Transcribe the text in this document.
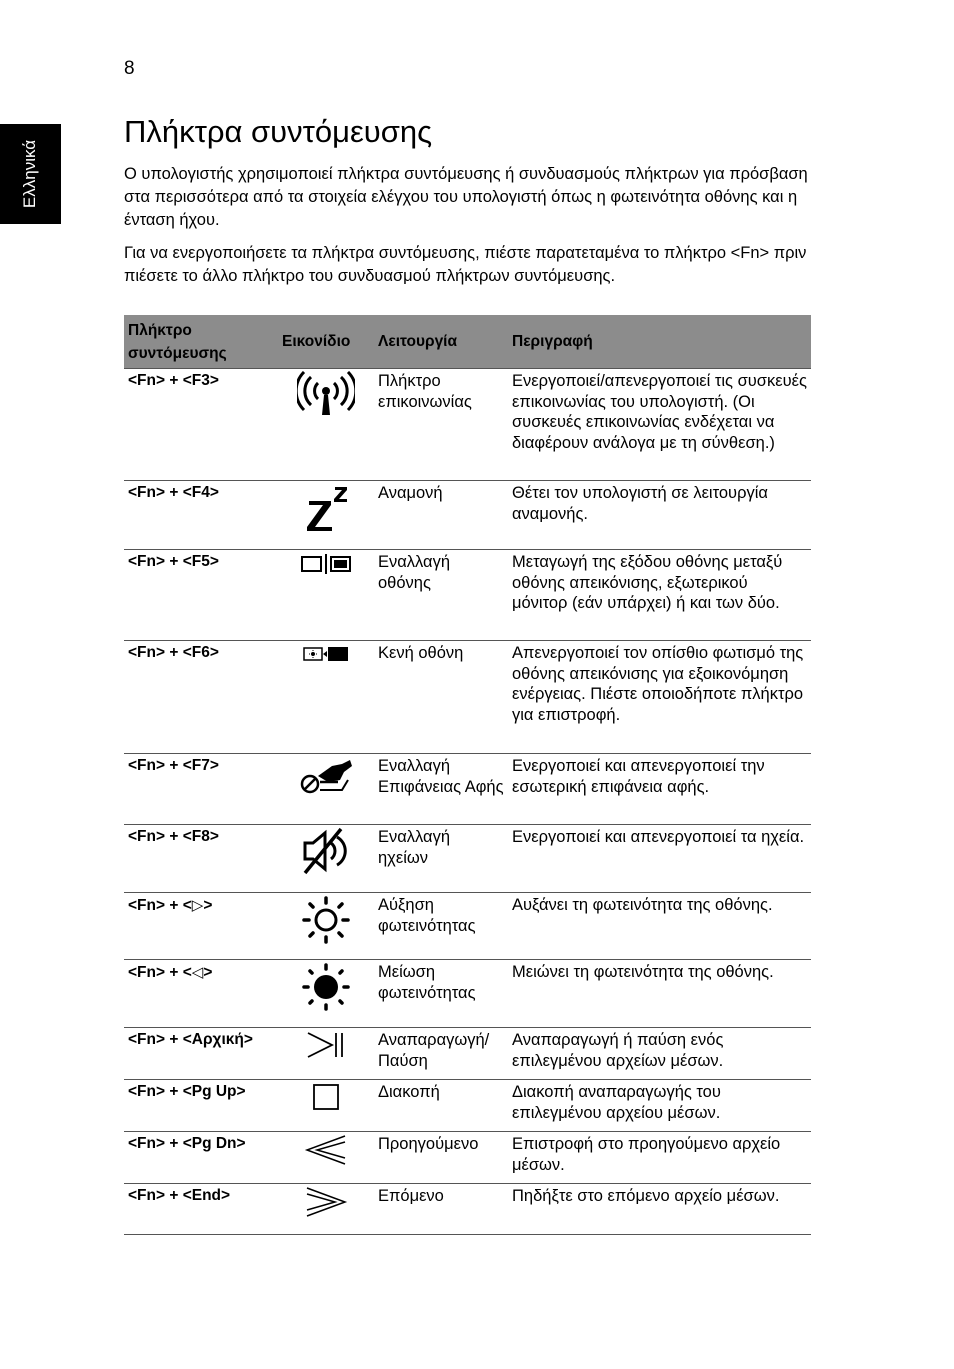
8
Ελληνικά
Πλήκτρα συντόμευσης

Ο υπολογιστής χρησιμοποιεί πλήκτρα συντόμευσης ή συνδυασμούς πλήκτρων για πρόσβαση στα περισσότερα από τα στοιχεία ελέγχου του υπολογιστή όπως η φωτεινότητα οθόνης και η ένταση ήχου.

Για να ενεργοποιήσετε τα πλήκτρα συντόμευσης, πιέστε παρατεταμένα το πλήκτρο <Fn> πριν πιέσετε το άλλο πλήκτρο του συνδυασμού πλήκτρων συντόμευσης.

Πλήκτρο συντόμευσης	Εικονίδιο	Λειτουργία	Περιγραφή
<Fn> + <F3>		Πλήκτρο επικοινωνίας	Ενεργοποιεί/απενεργοποιεί τις συσκευές επικοινωνίας του υπολογιστή. (Οι συσκευές επικοινωνίας ενδέχεται να διαφέρουν ανάλογα με τη σύνθεση.)
<Fn> + <F4>		Αναμονή	Θέτει τον υπολογιστή σε λειτουργία αναμονής.
<Fn> + <F5>		Εναλλαγή οθόνης	Μεταγωγή της εξόδου οθόνης μεταξύ οθόνης απεικόνισης, εξωτερικού μόνιτορ (εάν υπάρχει) ή και των δύο.
<Fn> + <F6>		Κενή οθόνη	Απενεργοποιεί τον οπίσθιο φωτισμό της οθόνης απεικόνισης για εξοικονόμηση ενέργειας. Πιέστε οποιοδήποτε πλήκτρο για επιστροφή.
<Fn> + <F7>		Εναλλαγή Επιφάνειας Αφής	Ενεργοποιεί και απενεργοποιεί την εσωτερική επιφάνεια αφής.
<Fn> + <F8>		Εναλλαγή ηχείων	Ενεργοποιεί και απενεργοποιεί τα ηχεία.
<Fn> + <▷>		Αύξηση φωτεινότητας	Αυξάνει τη φωτεινότητα της οθόνης.
<Fn> + <◁>		Μείωση φωτεινότητας	Μειώνει τη φωτεινότητα της οθόνης.
<Fn> + <Αρχική>		Αναπαραγωγή/ Παύση	Αναπαραγωγή ή παύση ενός επιλεγμένου αρχείων μέσων.
<Fn> + <Pg Up>		Διακοπή	Διακοπή αναπαραγωγής του επιλεγμένου αρχείου μέσων.
<Fn> + <Pg Dn>		Προηγούμενο	Επιστροφή στο προηγούμενο αρχείο μέσων.
<Fn> + <End>		Επόμενο	Πηδήξτε στο επόμενο αρχείο μέσων.
